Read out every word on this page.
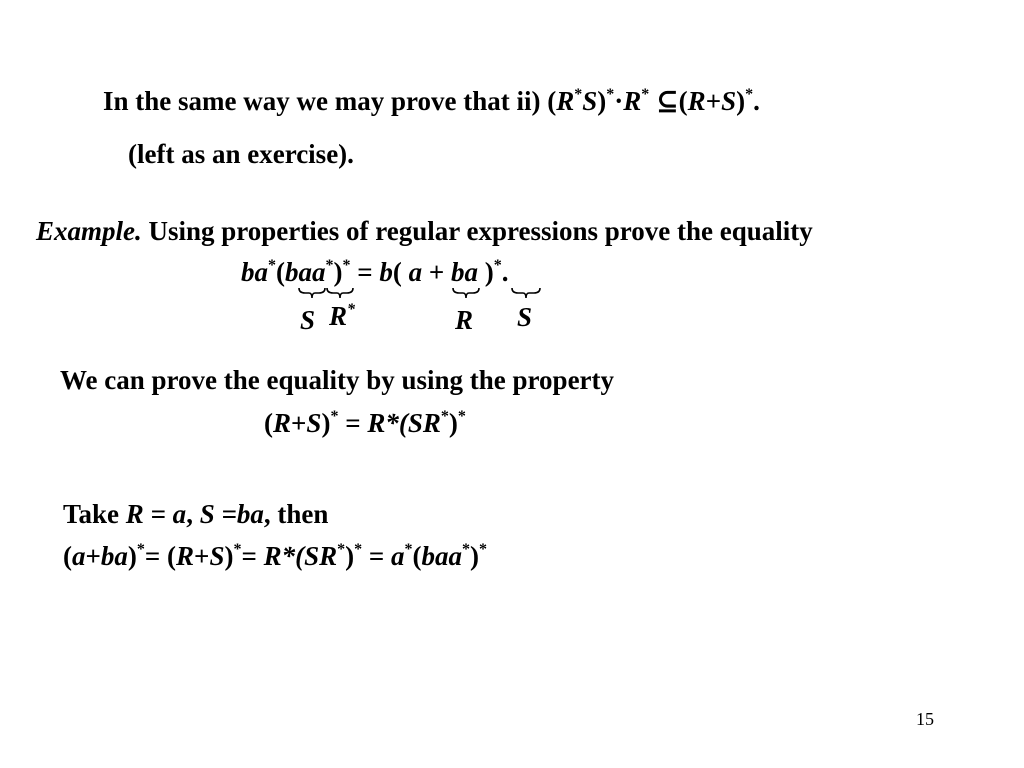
In the same way we may prove that ii) (R*S)*·R* ⊆(R+S)*.
(left as an exercise).
Example. Using properties of regular expressions prove the equality
ba*(baa*)* = b( a + ba )*.
S R*	R S
We can prove the equality by using the property
(R+S)* = R*(SR*)*
Take R = a, S =ba, then
(a+ba)*= (R+S)*= R*(SR*)* = a*(baa*)*
15
